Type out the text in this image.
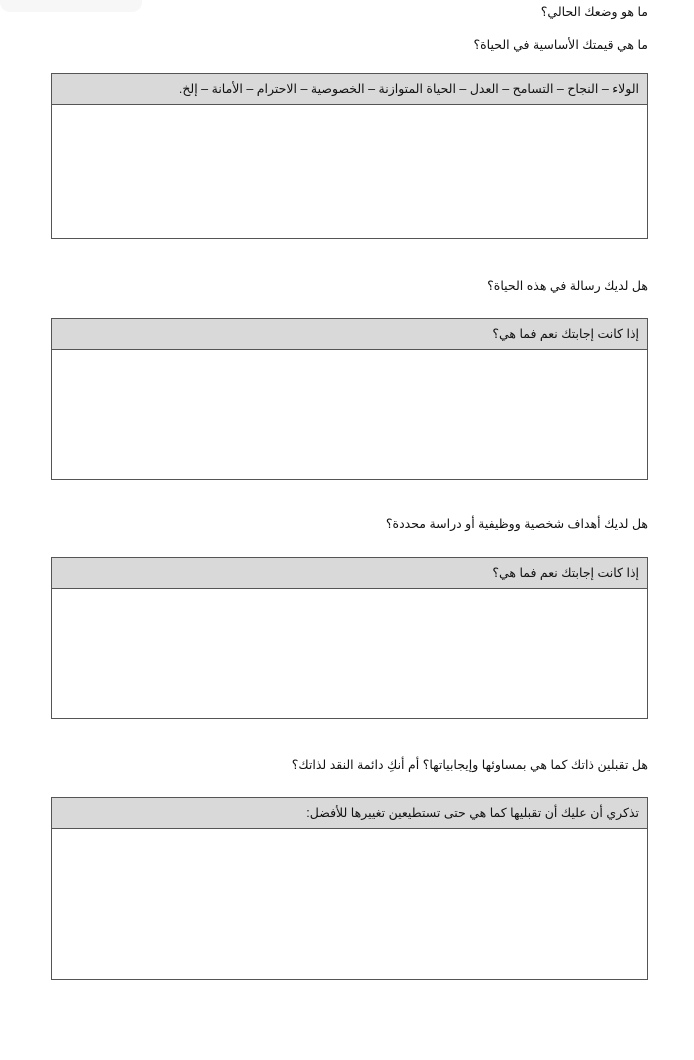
ما هو وضعك الحالي؟
ما هي قيمتك الأساسية في الحياة؟
الولاء – النجاح – التسامح – العدل – الحياة المتوازنة – الخصوصية – الاحترام – الأمانة – إلخ.
هل لديك رسالة في هذه الحياة؟
إذا كانت إجابتك نعم فما هي؟
هل لديك أهداف شخصية ووظيفية أو دراسة محددة؟
إذا كانت إجابتك نعم فما هي؟
هل تقبلين ذاتك كما هي بمساوئها وإيجابياتها؟ أم أنكِ دائمة النقد لذاتك؟
تذكري أن عليك أن تقبليها كما هي حتى تستطيعين تغييرها للأفضل:
